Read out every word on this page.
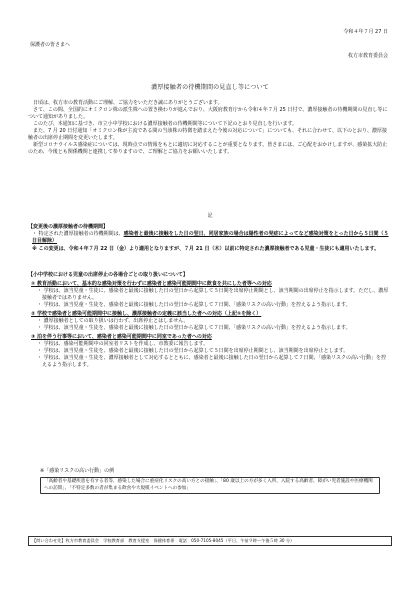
令和４年７月 27 日
保護者の皆さまへ
枚方市教育委員会
濃厚接触者の待機期間の見直し等について

日頃は、枚方市の教育活動にご理解、ご協力をいただき誠にありがとうございます。

さて、この間、全国的にオミクロン株の派生株への置き換わりが進んでおり、大阪府教育庁から令和４年７月 25 日付で、濃厚接触者の待機期間の見直し等について通知がありました。

このたび、本通知に基づき、市立小中学校における濃厚接触者の待機期間等について下記のとおり見直しを行います。

また、7 月 20 日付通知「オミクロン株が主流である間の当該株の特徴を踏まえた今後の対応について」についても、それに合わせて、以下のとおり、濃厚接触者の出席停止期間を変更いたします。

新型コロナウイルス感染症については、現時点での情報をもとに適切に対応することが重要となります。皆さまには、ご心配をおかけしますが、感染拡大防止のため、今後とも関係機関と連携して参りますので、ご理解とご協力をお願いいたします。

記
【変更後の濃厚接触者の待機期間】
・ 特定された濃厚接触者の待機期間は、感染者と最後に接触をした日の翌日、同居家族の場合は陽性者の発症によってなど感染対策をとった日から５日間（５日目解除）
※ この変更は、令和４年７月 22 日（金）より適用となりますが、７月 21 日（木）以前に特定された濃厚接触者である児童・生徒にも適用いたします。
【小中学校における児童の出席停止の各場合ごとの取り扱いについて】
① 教育活動において、基本的な感染対策を行わずに感染者と感染可能期間中に飲食を共にした者等への対応

・ 学校は、該当児童・生徒に、感染者と最後に接触した日の翌日から起算して５日間を出席停止期間とし、該当期間の出席停止を指示します。ただし、濃厚接触者ではありません。

・ 学校は、該当児童・生徒を、感染者と最後に接触した日の翌日から起算して７日間、「感染リスクの高い行動」を控えるよう指示します。

② 学校で感染者と感染可能期間中に接触し、濃厚接触者の定義に該当した者への対応（上記①を除く）

・ 濃厚接触者としての取り扱いは行わず、出席停止とはしません。

・ 学校は、該当児童・生徒を、感染者と最後に接触した日の翌日から起算して７日間、「感染リスクの高い行動」を控えるよう指示します。

③ 泊を伴う行事等において、感染者と感染可能期間中に同室であった者への対応

・ 学校は、感染可能期間中の同室者リストを作成し、市教委に報告します。

・ 学校は、該当児童・生徒を、感染者と最後に接触した日の翌日から起算して５日間を出席停止期間とし、該当期間を出席停止とします。

・ 学校は、該当児童・生徒を、濃厚接触者として対応するとともに、感染者と最後に接触した日の翌日から起算して７日間、「感染リスクの高い行動」を控えるよう指示します。

※「感染リスクの高い行動」の例
「高齢者や基礎疾患を有する者等、感染した場合に重症化リスクの高い方との接触」、「80 歳以上の方が多く入所、入院する高齢者、障がい児者施設や医療機関への訪問」、「不特定多数の者が集まる飲食や大規模イベントへの参加」
【問い合わせ先】枚方市教育委員会　学校教育部　教育支援室　保健体育係　電話　050-7105-8045（平日、午前９時～午後５時 30 分）
